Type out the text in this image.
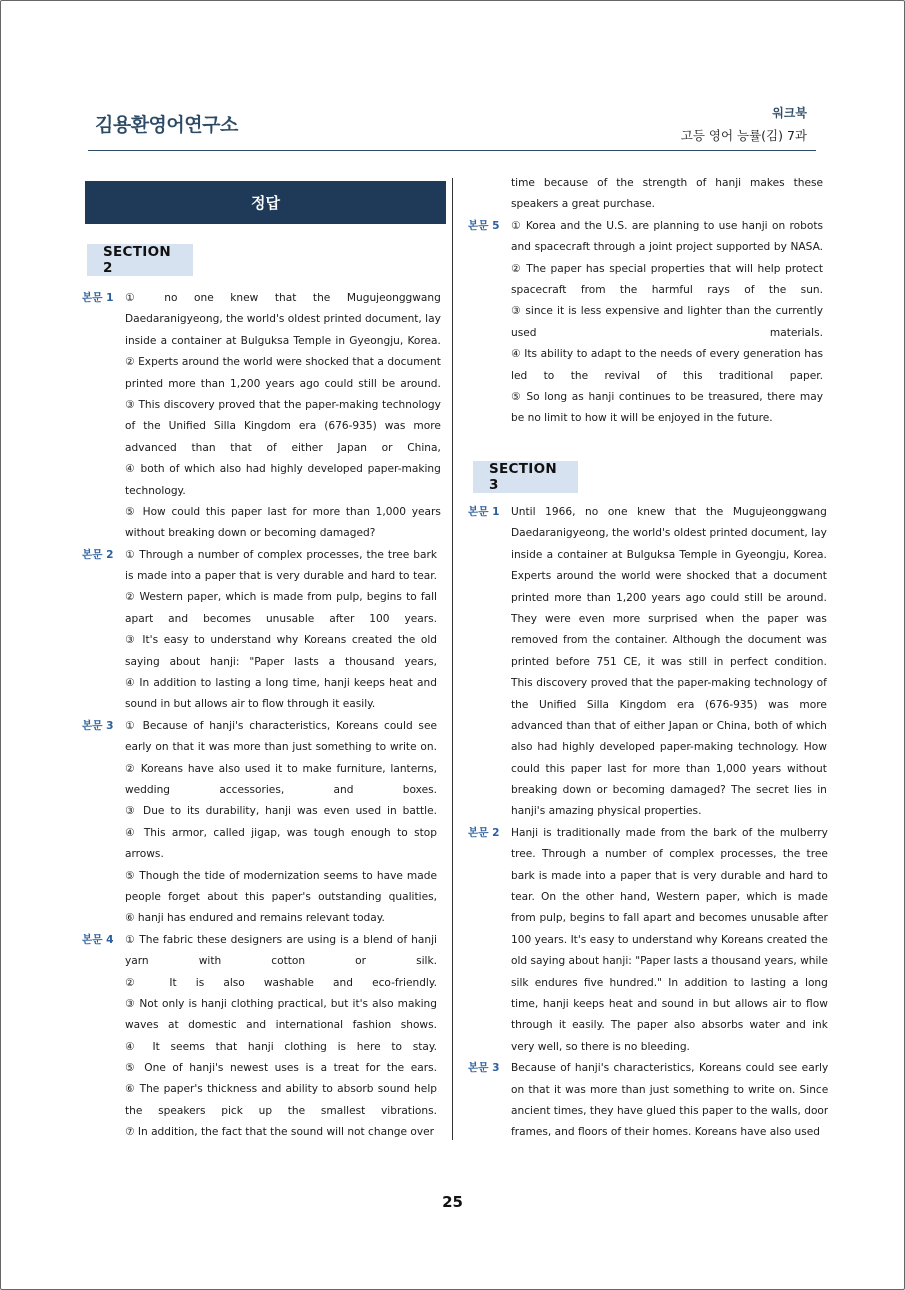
김용환영어연구소
워크북
고등 영어 능률(김) 7과
정답
SECTION 2
본문 1	① no one knew that the Mugujeonggwang
Daedaranigyeong, the world's oldest printed document, lay
inside a container at Bulguksa Temple in Gyeongju, Korea.
② Experts around the world were shocked that a document
printed more than 1,200 years ago could still be around.
③ This discovery proved that the paper-making technology
of the Unified Silla Kingdom era (676-935) was more
advanced than that of either Japan or China,
④ both of which also had highly developed paper-making
technology.
⑤ How could this paper last for more than 1,000 years
without breaking down or becoming damaged?
본문 2	① Through a number of complex processes, the tree bark
is made into a paper that is very durable and hard to tear.
② Western paper, which is made from pulp, begins to fall
apart and becomes unusable after 100 years.
③ It's easy to understand why Koreans created the old
saying about hanji: "Paper lasts a thousand years,
④ In addition to lasting a long time, hanji keeps heat and
sound in but allows air to flow through it easily.
본문 3	① Because of hanji's characteristics, Koreans could see
early on that it was more than just something to write on.
② Koreans have also used it to make furniture, lanterns,
wedding accessories, and boxes.
③ Due to its durability, hanji was even used in battle.
④ This armor, called jigap, was tough enough to stop
arrows.
⑤ Though the tide of modernization seems to have made
people forget about this paper's outstanding qualities,
⑥ hanji has endured and remains relevant today.
본문 4	① The fabric these designers are using is a blend of hanji
yarn with cotton or silk.
② It is also washable and eco-friendly.
③ Not only is hanji clothing practical, but it's also making
waves at domestic and international fashion shows.
④ It seems that hanji clothing is here to stay.
⑤ One of hanji's newest uses is a treat for the ears.
⑥ The paper's thickness and ability to absorb sound help
the speakers pick up the smallest vibrations.
⑦ In addition, the fact that the sound will not change over
time because of the strength of hanji makes these
speakers a great purchase.
본문 5	① Korea and the U.S. are planning to use hanji on robots
and spacecraft through a joint project supported by NASA.
② The paper has special properties that will help protect
spacecraft from the harmful rays of the sun.
③ since it is less expensive and lighter than the currently
used materials.
④ Its ability to adapt to the needs of every generation has
led to the revival of this traditional paper.
⑤ So long as hanji continues to be treasured, there may
be no limit to how it will be enjoyed in the future.
SECTION 3
본문 1	Until 1966, no one knew that the Mugujeonggwang
Daedaranigyeong, the world's oldest printed document, lay
inside a container at Bulguksa Temple in Gyeongju, Korea.
Experts around the world were shocked that a document
printed more than 1,200 years ago could still be around.
They were even more surprised when the paper was
removed from the container. Although the document was
printed before 751 CE, it was still in perfect condition.
This discovery proved that the paper-making technology of
the Unified Silla Kingdom era (676-935) was more
advanced than that of either Japan or China, both of which
also had highly developed paper-making technology. How
could this paper last for more than 1,000 years without
breaking down or becoming damaged? The secret lies in
hanji's amazing physical properties.
본문 2	Hanji is traditionally made from the bark of the mulberry
tree. Through a number of complex processes, the tree
bark is made into a paper that is very durable and hard to
tear. On the other hand, Western paper, which is made
from pulp, begins to fall apart and becomes unusable after
100 years. It's easy to understand why Koreans created the
old saying about hanji: "Paper lasts a thousand years, while
silk endures five hundred." In addition to lasting a long
time, hanji keeps heat and sound in but allows air to flow
through it easily. The paper also absorbs water and ink
very well, so there is no bleeding.
본문 3	Because of hanji's characteristics, Koreans could see early
on that it was more than just something to write on. Since
ancient times, they have glued this paper to the walls, door
frames, and floors of their homes. Koreans have also used
25
